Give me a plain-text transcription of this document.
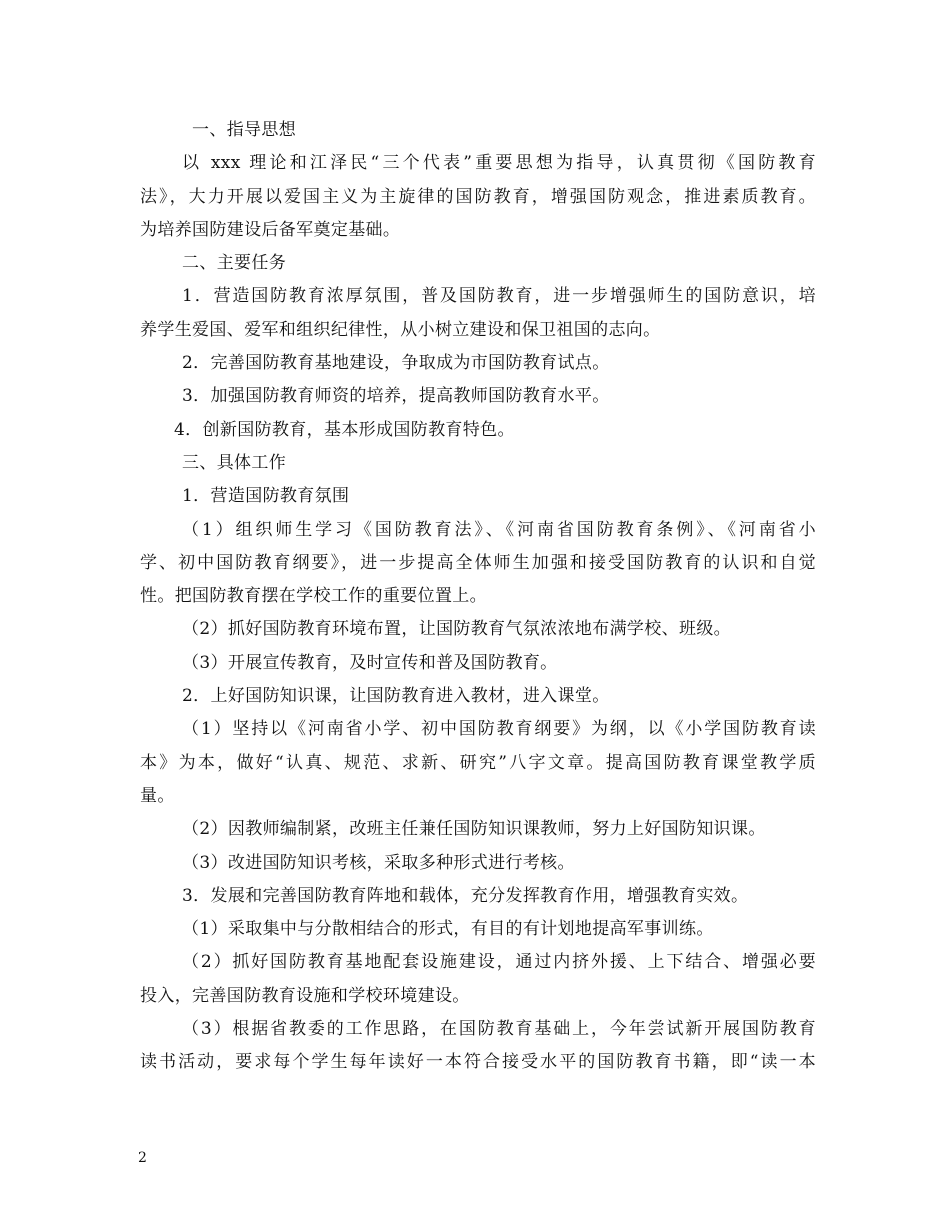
一、指导思想
以 xxx 理论和江泽民“三个代表”重要思想为指导，认真贯彻《国防教育
法》，大力开展以爱国主义为主旋律的国防教育，增强国防观念，推进素质教育。
为培养国防建设后备军奠定基础。
二、主要任务
1．营造国防教育浓厚氛围，普及国防教育，进一步增强师生的国防意识，培
养学生爱国、爱军和组织纪律性，从小树立建设和保卫祖国的志向。
2．完善国防教育基地建设，争取成为市国防教育试点。
3．加强国防教育师资的培养，提高教师国防教育水平。
4．创新国防教育，基本形成国防教育特色。
三、具体工作
1．营造国防教育氛围
（1）组织师生学习《国防教育法》、《河南省国防教育条例》、《河南省小
学、初中国防教育纲要》，进一步提高全体师生加强和接受国防教育的认识和自觉
性。把国防教育摆在学校工作的重要位置上。
（2）抓好国防教育环境布置，让国防教育气氛浓浓地布满学校、班级。
（3）开展宣传教育，及时宣传和普及国防教育。
2．上好国防知识课，让国防教育进入教材，进入课堂。
（1）坚持以《河南省小学、初中国防教育纲要》为纲，以《小学国防教育读
本》为本，做好“认真、规范、求新、研究”八字文章。提高国防教育课堂教学质
量。
（2）因教师编制紧，改班主任兼任国防知识课教师，努力上好国防知识课。
（3）改进国防知识考核，采取多种形式进行考核。
3．发展和完善国防教育阵地和载体，充分发挥教育作用，增强教育实效。
（1）采取集中与分散相结合的形式，有目的有计划地提高军事训练。
（2）抓好国防教育基地配套设施建设，通过内挤外援、上下结合、增强必要
投入，完善国防教育设施和学校环境建设。
（3）根据省教委的工作思路，在国防教育基础上，今年尝试新开展国防教育
读书活动，要求每个学生每年读好一本符合接受水平的国防教育书籍，即“读一本
2
